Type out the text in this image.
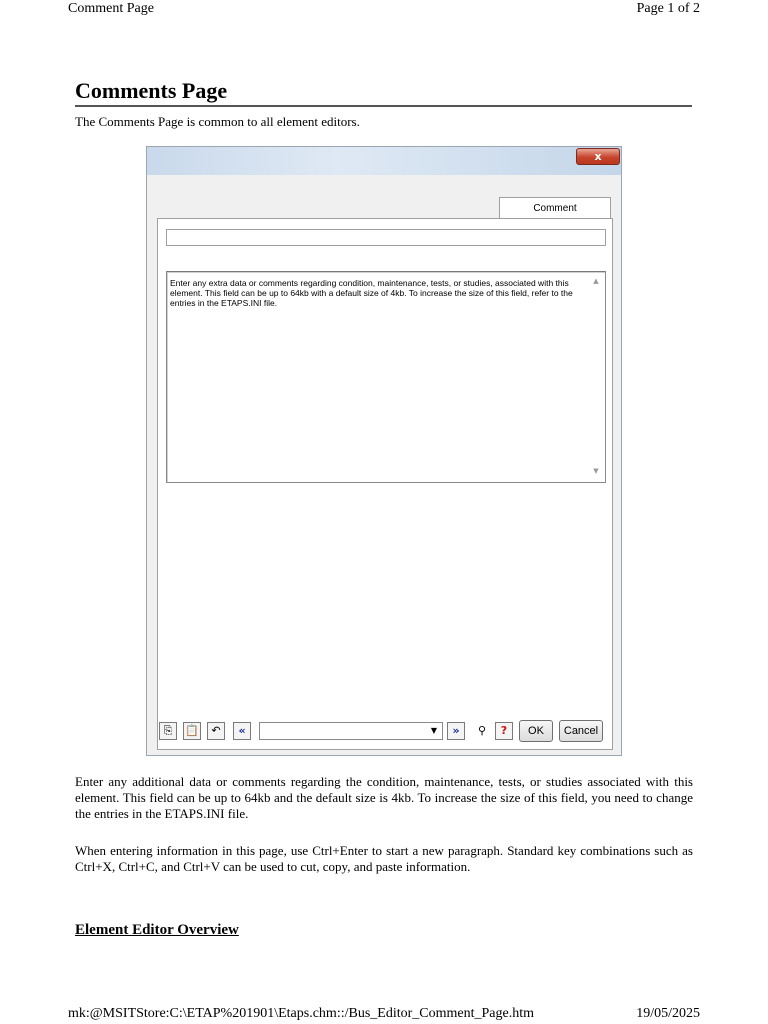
Comment Page	Page 1 of 2
Comments Page
The Comments Page is common to all element editors.
x
Comment
Enter any extra data or comments regarding condition, maintenance, tests, or studies, associated with this element. This field can be up to 64kb with a default size of 4kb. To increase the size of this field, refer to the entries in the ETAPS.INI file.
▲
▼
⎘	📋	↶	«	▼	»	⚲	?	OK	Cancel
Enter any additional data or comments regarding the condition, maintenance, tests, or studies associated with this element. This field can be up to 64kb and the default size is 4kb. To increase the size of this field, you need to change the entries in the ETAPS.INI file.
When entering information in this page, use Ctrl+Enter to start a new paragraph. Standard key combinations such as Ctrl+X, Ctrl+C, and Ctrl+V can be used to cut, copy, and paste information.
Element Editor Overview
mk:@MSITStore:C:\ETAP%201901\Etaps.chm::/Bus_Editor_Comment_Page.htm	19/05/2025
